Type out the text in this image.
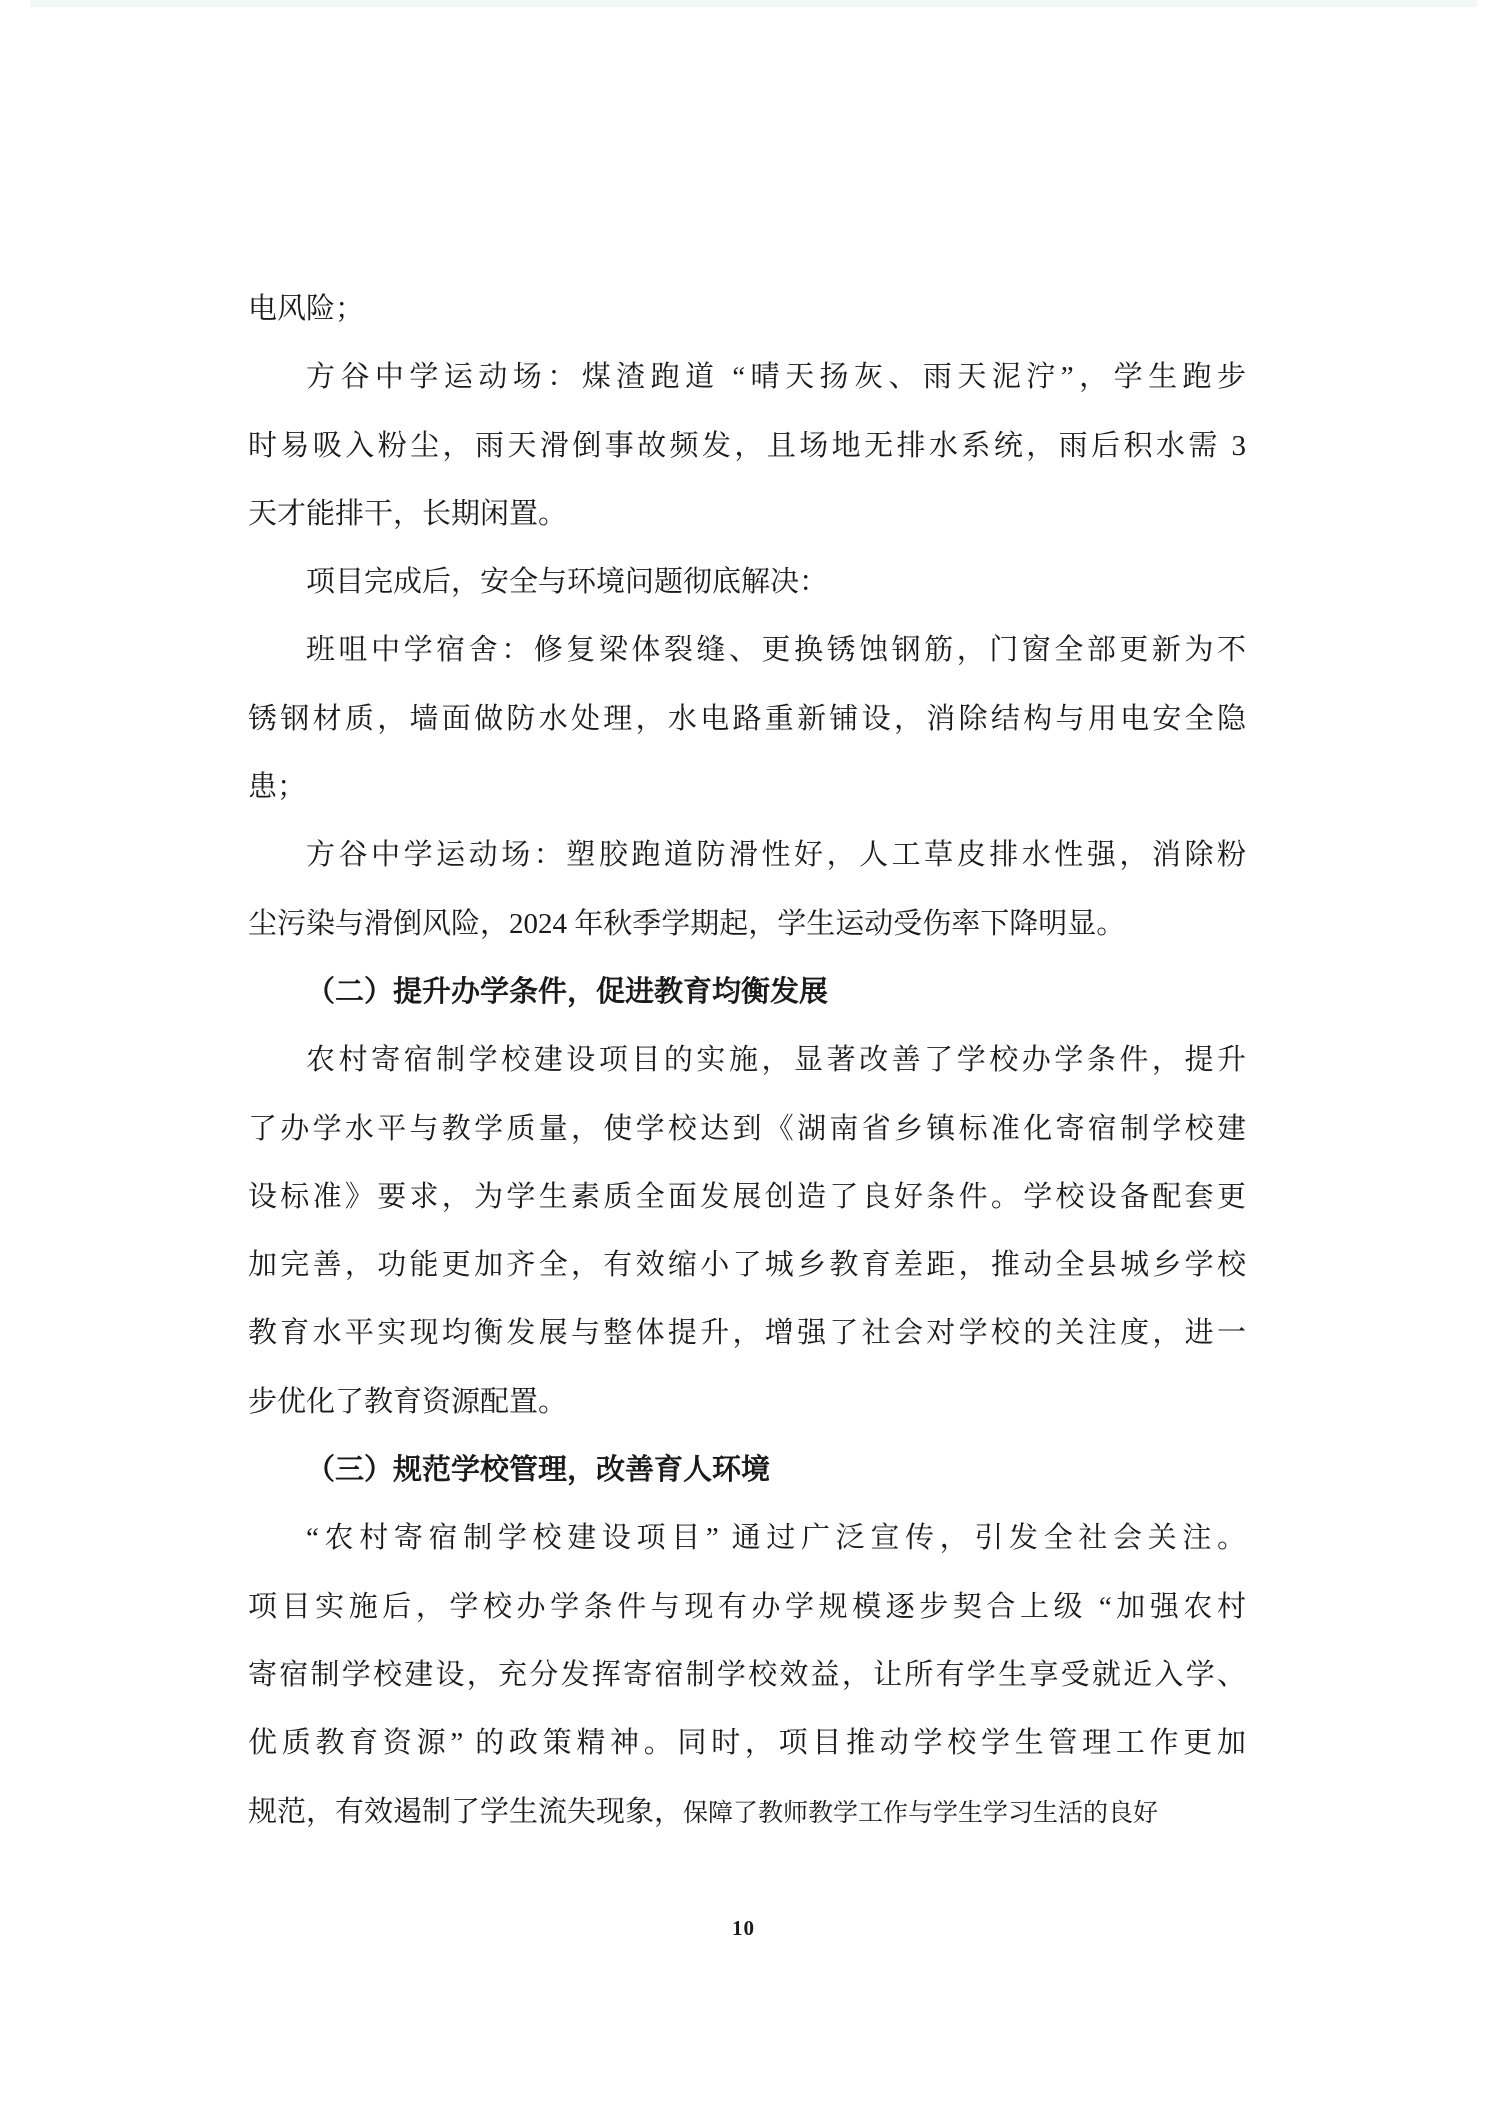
电风险；
方谷中学运动场：煤渣跑道 “晴天扬灰、雨天泥泞”，学生跑步
时易吸入粉尘，雨天滑倒事故频发，且场地无排水系统，雨后积水需 3
天才能排干，长期闲置。
项目完成后，安全与环境问题彻底解决：
班咀中学宿舍：修复梁体裂缝、更换锈蚀钢筋，门窗全部更新为不
锈钢材质，墙面做防水处理，水电路重新铺设，消除结构与用电安全隐
患；
方谷中学运动场：塑胶跑道防滑性好，人工草皮排水性强，消除粉
尘污染与滑倒风险，2024 年秋季学期起，学生运动受伤率下降明显。
（二）提升办学条件，促进教育均衡发展
农村寄宿制学校建设项目的实施，显著改善了学校办学条件，提升
了办学水平与教学质量，使学校达到《湖南省乡镇标准化寄宿制学校建
设标准》要求，为学生素质全面发展创造了良好条件。学校设备配套更
加完善，功能更加齐全，有效缩小了城乡教育差距，推动全县城乡学校
教育水平实现均衡发展与整体提升，增强了社会对学校的关注度，进一
步优化了教育资源配置。
（三）规范学校管理，改善育人环境
“农村寄宿制学校建设项目” 通过广泛宣传，引发全社会关注。
项目实施后，学校办学条件与现有办学规模逐步契合上级 “加强农村
寄宿制学校建设，充分发挥寄宿制学校效益，让所有学生享受就近入学、
优质教育资源” 的政策精神。同时，项目推动学校学生管理工作更加
规范，有效遏制了学生流失现象，保障了教师教学工作与学生学习生活的良好
10
